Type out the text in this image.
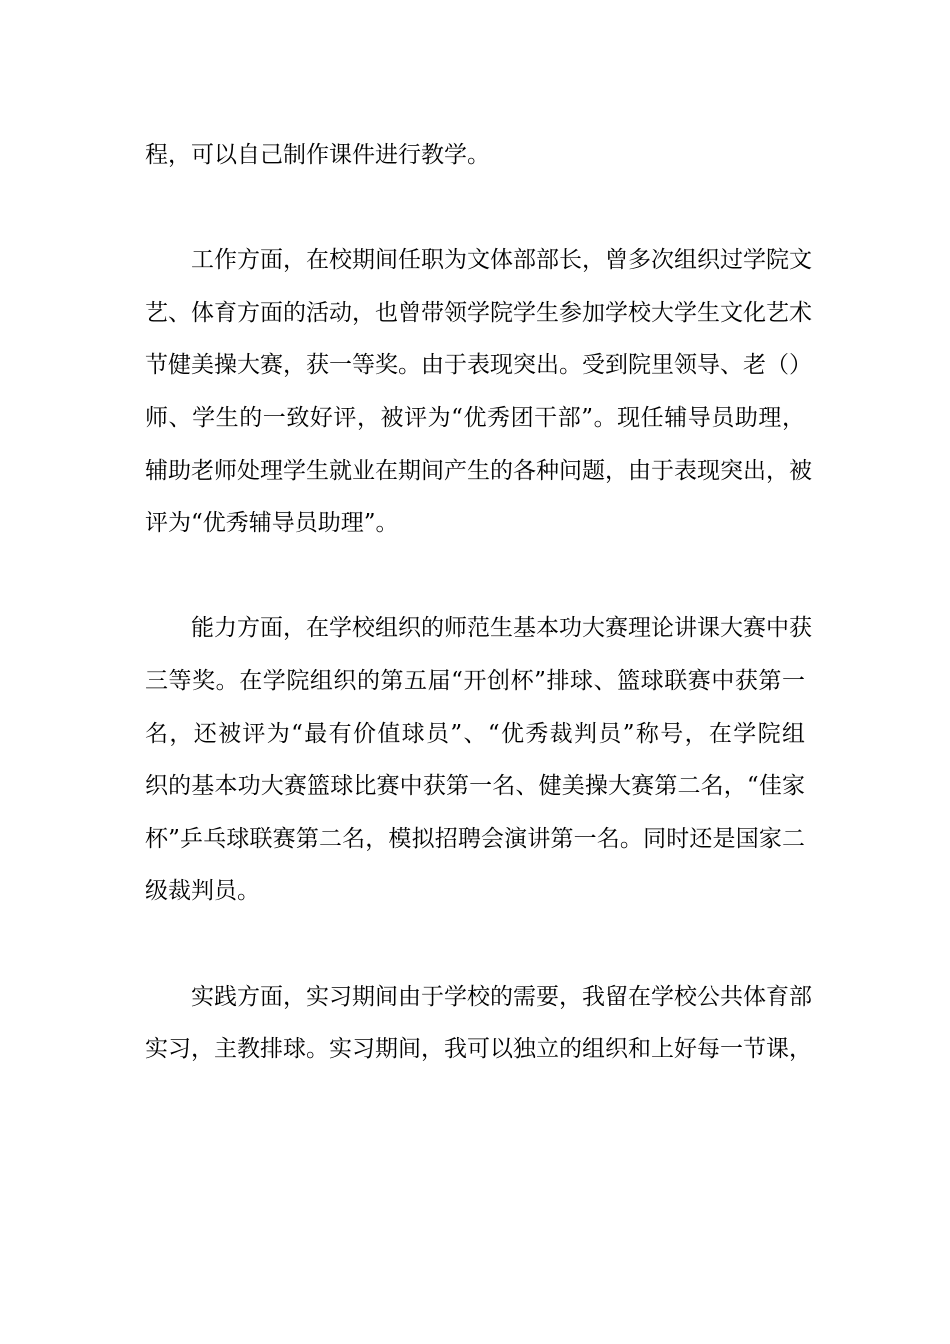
程，可以自己制作课件进行教学。
工作方面，在校期间任职为文体部部长，曾多次组织过学院文
艺、体育方面的活动，也曾带领学院学生参加学校大学生文化艺术
节健美操大赛，获一等奖。由于表现突出。受到院里领导、老（）
师、学生的一致好评，被评为“优秀团干部”。现任辅导员助理，
辅助老师处理学生就业在期间产生的各种问题，由于表现突出，被
评为“优秀辅导员助理”。
能力方面，在学校组织的师范生基本功大赛理论讲课大赛中获
三等奖。在学院组织的第五届“开创杯”排球、篮球联赛中获第一
名，还被评为“最有价值球员”、“优秀裁判员”称号，在学院组
织的基本功大赛篮球比赛中获第一名、健美操大赛第二名，“佳家
杯”乒乓球联赛第二名，模拟招聘会演讲第一名。同时还是国家二
级裁判员。
实践方面，实习期间由于学校的需要，我留在学校公共体育部
实习，主教排球。实习期间，我可以独立的组织和上好每一节课，
